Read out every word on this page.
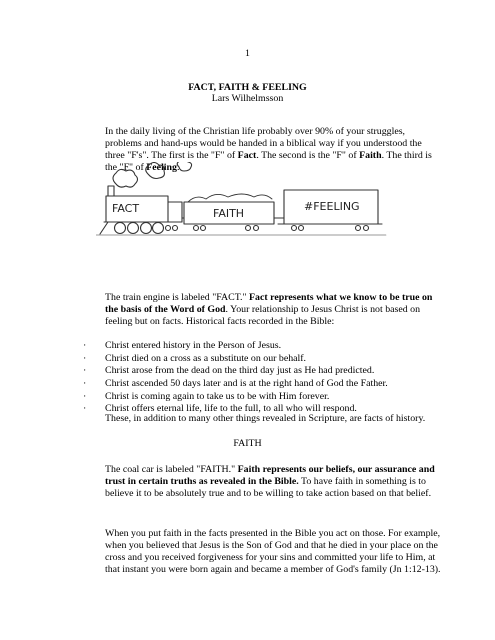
1
FACT, FAITH & FEELING
Lars Wilhelmsson

In the daily living of the Christian life probably over 90% of your struggles, problems and hand-ups would be handed in a biblical way if you understood the three "F's". The first is the "F" of Fact. The second is the "F" of Faith. The third is the "F" of Feeling.

FACT	FAITH
#FEELING

The train engine is labeled "FACT." Fact represents what we know to be true on the basis of the Word of God. Your relationship to Jesus Christ is not based on feeling but on facts. Historical facts recorded in the Bible:

·	Christ entered history in the Person of Jesus.
·	Christ died on a cross as a substitute on our behalf.
·	Christ arose from the dead on the third day just as He had predicted.
·	Christ ascended 50 days later and is at the right hand of God the Father.
·	Christ is coming again to take us to be with Him forever.
·	Christ offers eternal life, life to the full, to all who will respond.

These, in addition to many other things revealed in Scripture, are facts of history.

FAITH

The coal car is labeled "FAITH." Faith represents our beliefs, our assurance and trust in certain truths as revealed in the Bible. To have faith in something is to believe it to be absolutely true and to be willing to take action based on that belief.

When you put faith in the facts presented in the Bible you act on those. For example, when you believed that Jesus is the Son of God and that he died in your place on the cross and you received forgiveness for your sins and committed your life to Him, at that instant you were born again and became a member of God's family (Jn 1:12-13).
